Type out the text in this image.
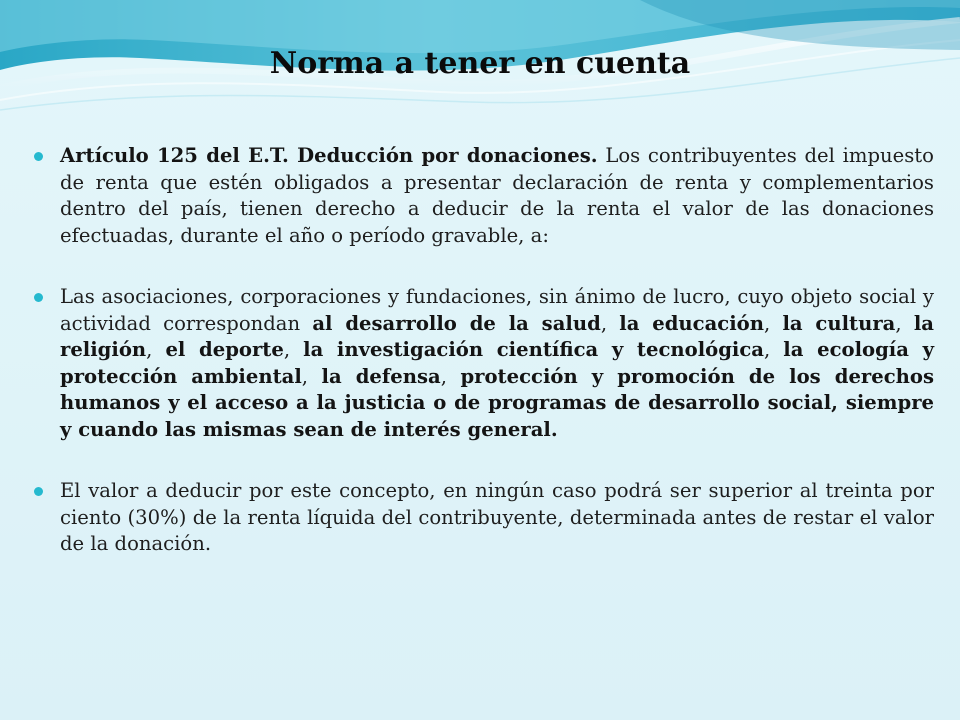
Norma a tener en cuenta

Artículo 125 del E.T. Deducción por donaciones. Los contribuyentes del impuesto de renta que estén obligados a presentar declaración de renta y complementarios dentro del país, tienen derecho a deducir de la renta el valor de las donaciones efectuadas, durante el año o período gravable, a:

Las asociaciones, corporaciones y fundaciones, sin ánimo de lucro, cuyo objeto social y actividad correspondan al desarrollo de la salud, la educación, la cultura, la religión, el deporte, la investigación científica y tecnológica, la ecología y protección ambiental, la defensa, protección y promoción de los derechos humanos y el acceso a la justicia o de programas de desarrollo social, siempre y cuando las mismas sean de interés general.

El valor a deducir por este concepto, en ningún caso podrá ser superior al treinta por ciento (30%) de la renta líquida del contribuyente, determinada antes de restar el valor de la donación.
